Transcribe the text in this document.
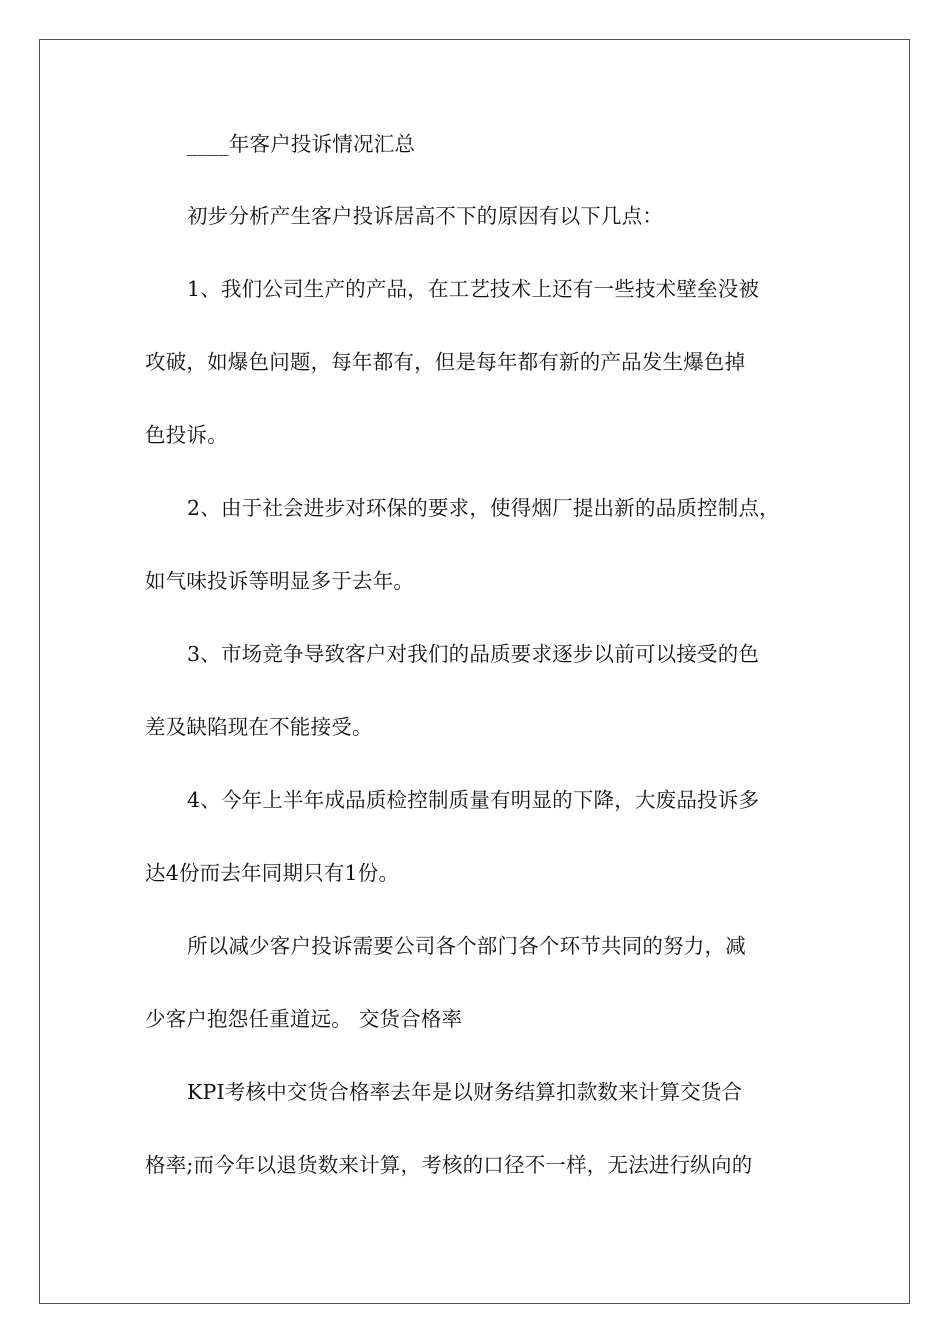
____年客户投诉情况汇总
初步分析产生客户投诉居高不下的原因有以下几点：
1、我们公司生产的产品，在工艺技术上还有一些技术壁垒没被
攻破，如爆色问题，每年都有，但是每年都有新的产品发生爆色掉
色投诉。
2、由于社会进步对环保的要求，使得烟厂提出新的品质控制点，
如气味投诉等明显多于去年。
3、市场竞争导致客户对我们的品质要求逐步以前可以接受的色
差及缺陷现在不能接受。
4、今年上半年成品质检控制质量有明显的下降，大废品投诉多
达4份而去年同期只有1份。
所以减少客户投诉需要公司各个部门各个环节共同的努力，减
少客户抱怨任重道远。 交货合格率
KPI考核中交货合格率去年是以财务结算扣款数来计算交货合
格率;而今年以退货数来计算，考核的口径不一样，无法进行纵向的
